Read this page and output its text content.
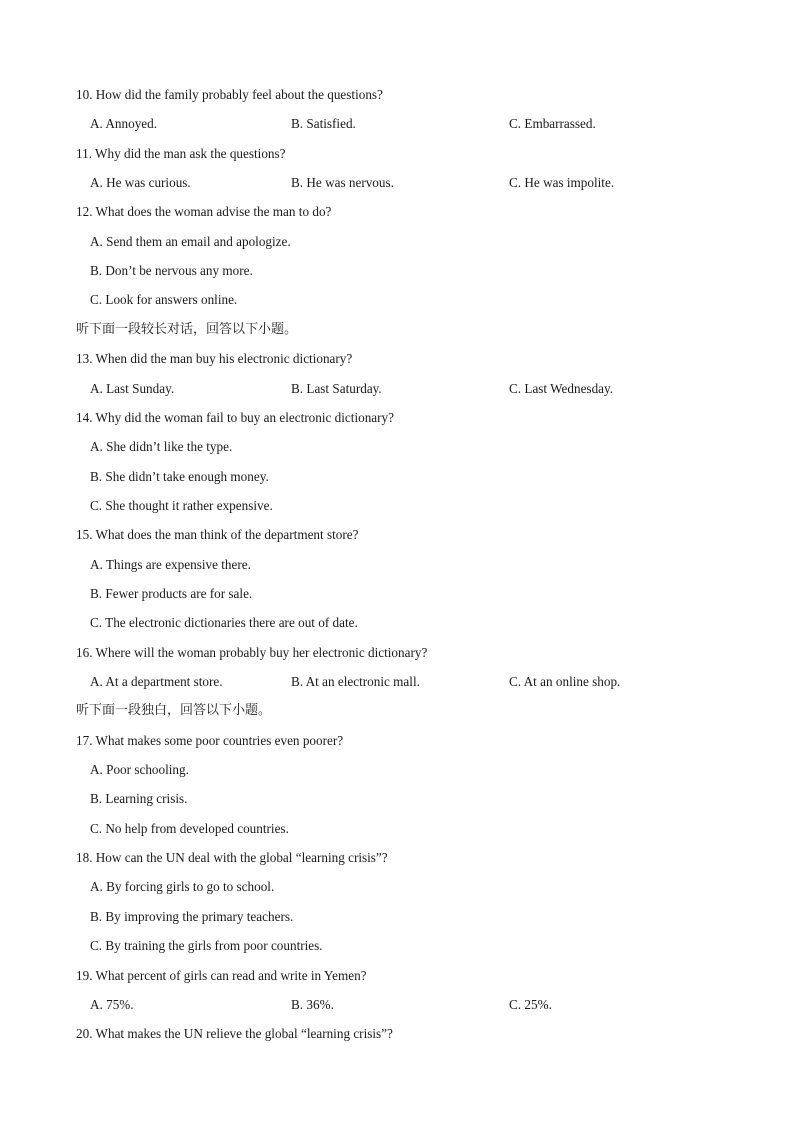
10. How did the family probably feel about the questions?
A. Annoyed.	B. Satisfied.	C. Embarrassed.
11. Why did the man ask the questions?
A. He was curious.	B. He was nervous.	C. He was impolite.
12. What does the woman advise the man to do?
A. Send them an email and apologize.
B. Don’t be nervous any more.
C. Look for answers online.
听下面一段较长对话，回答以下小题。
13. When did the man buy his electronic dictionary?
A. Last Sunday.	B. Last Saturday.	C. Last Wednesday.
14. Why did the woman fail to buy an electronic dictionary?
A. She didn’t like the type.
B. She didn’t take enough money.
C. She thought it rather expensive.
15. What does the man think of the department store?
A. Things are expensive there.
B. Fewer products are for sale.
C. The electronic dictionaries there are out of date.
16. Where will the woman probably buy her electronic dictionary?
A. At a department store.	B. At an electronic mall.	C. At an online shop.
听下面一段独白，回答以下小题。
17. What makes some poor countries even poorer?
A. Poor schooling.
B. Learning crisis.
C. No help from developed countries.
18. How can the UN deal with the global “learning crisis”?
A. By forcing girls to go to school.
B. By improving the primary teachers.
C. By training the girls from poor countries.
19. What percent of girls can read and write in Yemen?
A. 75%.	B. 36%.	C. 25%.
20. What makes the UN relieve the global “learning crisis”?
